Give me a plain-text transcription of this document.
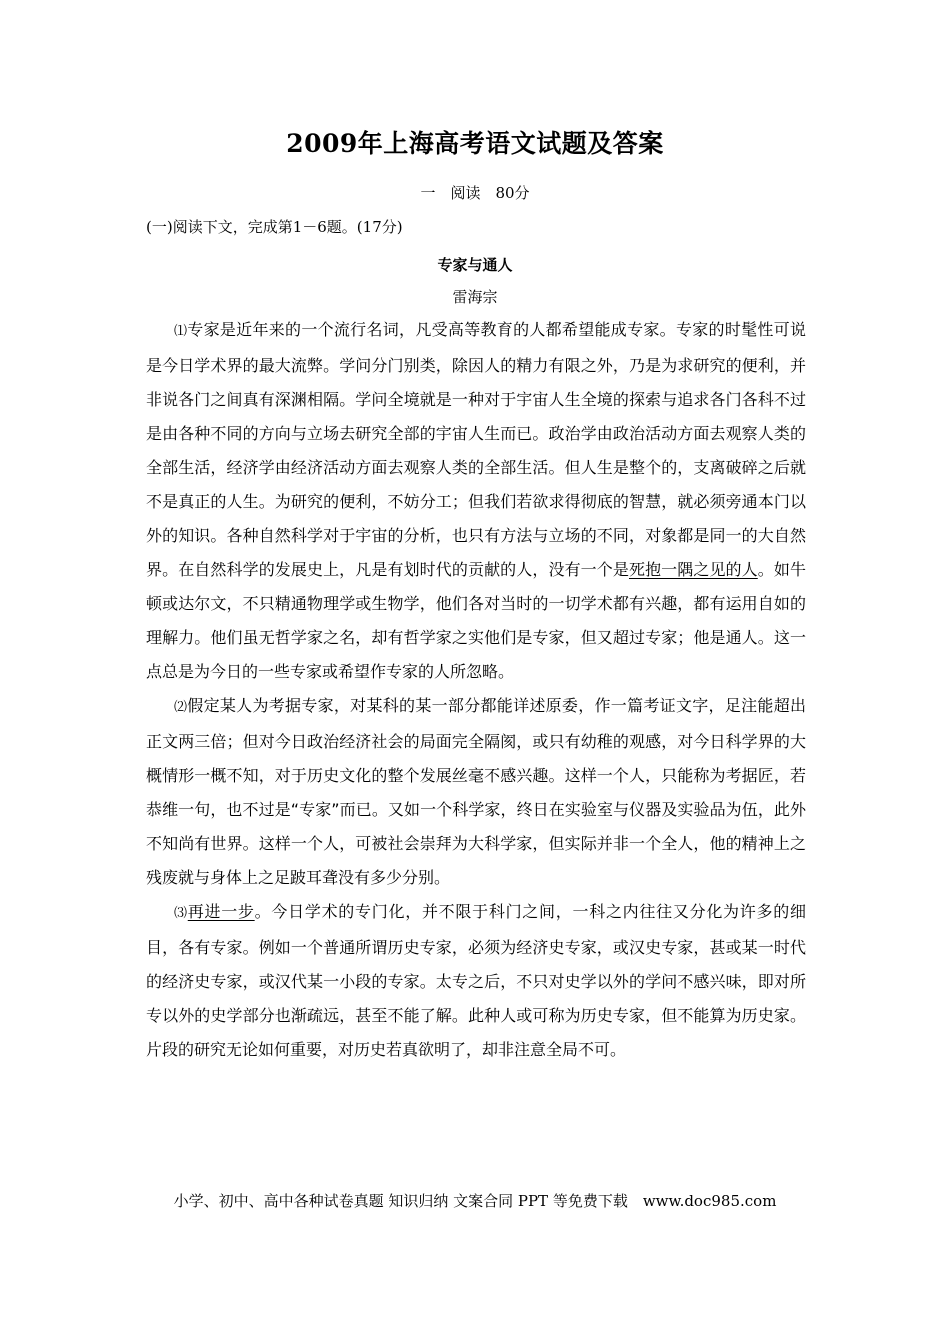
2009年上海高考语文试题及答案
一　阅读　80分
(一)阅读下文，完成第1－6题。(17分)
专家与通人
雷海宗

⑴专家是近年来的一个流行名词，凡受高等教育的人都希望能成专家。专家的时髦性可说是今日学术界的最大流弊。学问分门别类，除因人的精力有限之外，乃是为求研究的便利，并非说各门之间真有深渊相隔。学问全境就是一种对于宇宙人生全境的探索与追求各门各科不过是由各种不同的方向与立场去研究全部的宇宙人生而已。政治学由政治活动方面去观察人类的全部生活，经济学由经济活动方面去观察人类的全部生活。但人生是整个的，支离破碎之后就不是真正的人生。为研究的便利，不妨分工；但我们若欲求得彻底的智慧，就必须旁通本门以外的知识。各种自然科学对于宇宙的分析，也只有方法与立场的不同，对象都是同一的大自然界。在自然科学的发展史上，凡是有划时代的贡献的人，没有一个是死抱一隅之见的人。如牛顿或达尔文，不只精通物理学或生物学，他们各对当时的一切学术都有兴趣，都有运用自如的理解力。他们虽无哲学家之名，却有哲学家之实他们是专家，但又超过专家；他是通人。这一点总是为今日的一些专家或希望作专家的人所忽略。

⑵假定某人为考据专家，对某科的某一部分都能详述原委，作一篇考证文字，足注能超出正文两三倍；但对今日政治经济社会的局面完全隔阂，或只有幼稚的观感，对今日科学界的大概情形一概不知，对于历史文化的整个发展丝毫不感兴趣。这样一个人，只能称为考据匠，若恭维一句，也不过是“专家”而已。又如一个科学家，终日在实验室与仪器及实验品为伍，此外不知尚有世界。这样一个人，可被社会崇拜为大科学家，但实际并非一个全人，他的精神上之残废就与身体上之足跛耳聋没有多少分别。

⑶再进一步。今日学术的专门化，并不限于科门之间，一科之内往往又分化为许多的细目，各有专家。例如一个普通所谓历史专家，必须为经济史专家，或汉史专家，甚或某一时代的经济史专家，或汉代某一小段的专家。太专之后，不只对史学以外的学问不感兴味，即对所专以外的史学部分也渐疏远，甚至不能了解。此种人或可称为历史专家，但不能算为历史家。片段的研究无论如何重要，对历史若真欲明了，却非注意全局不可。

小学、初中、高中各种试卷真题 知识归纳 文案合同 PPT 等免费下载　www.doc985.com
